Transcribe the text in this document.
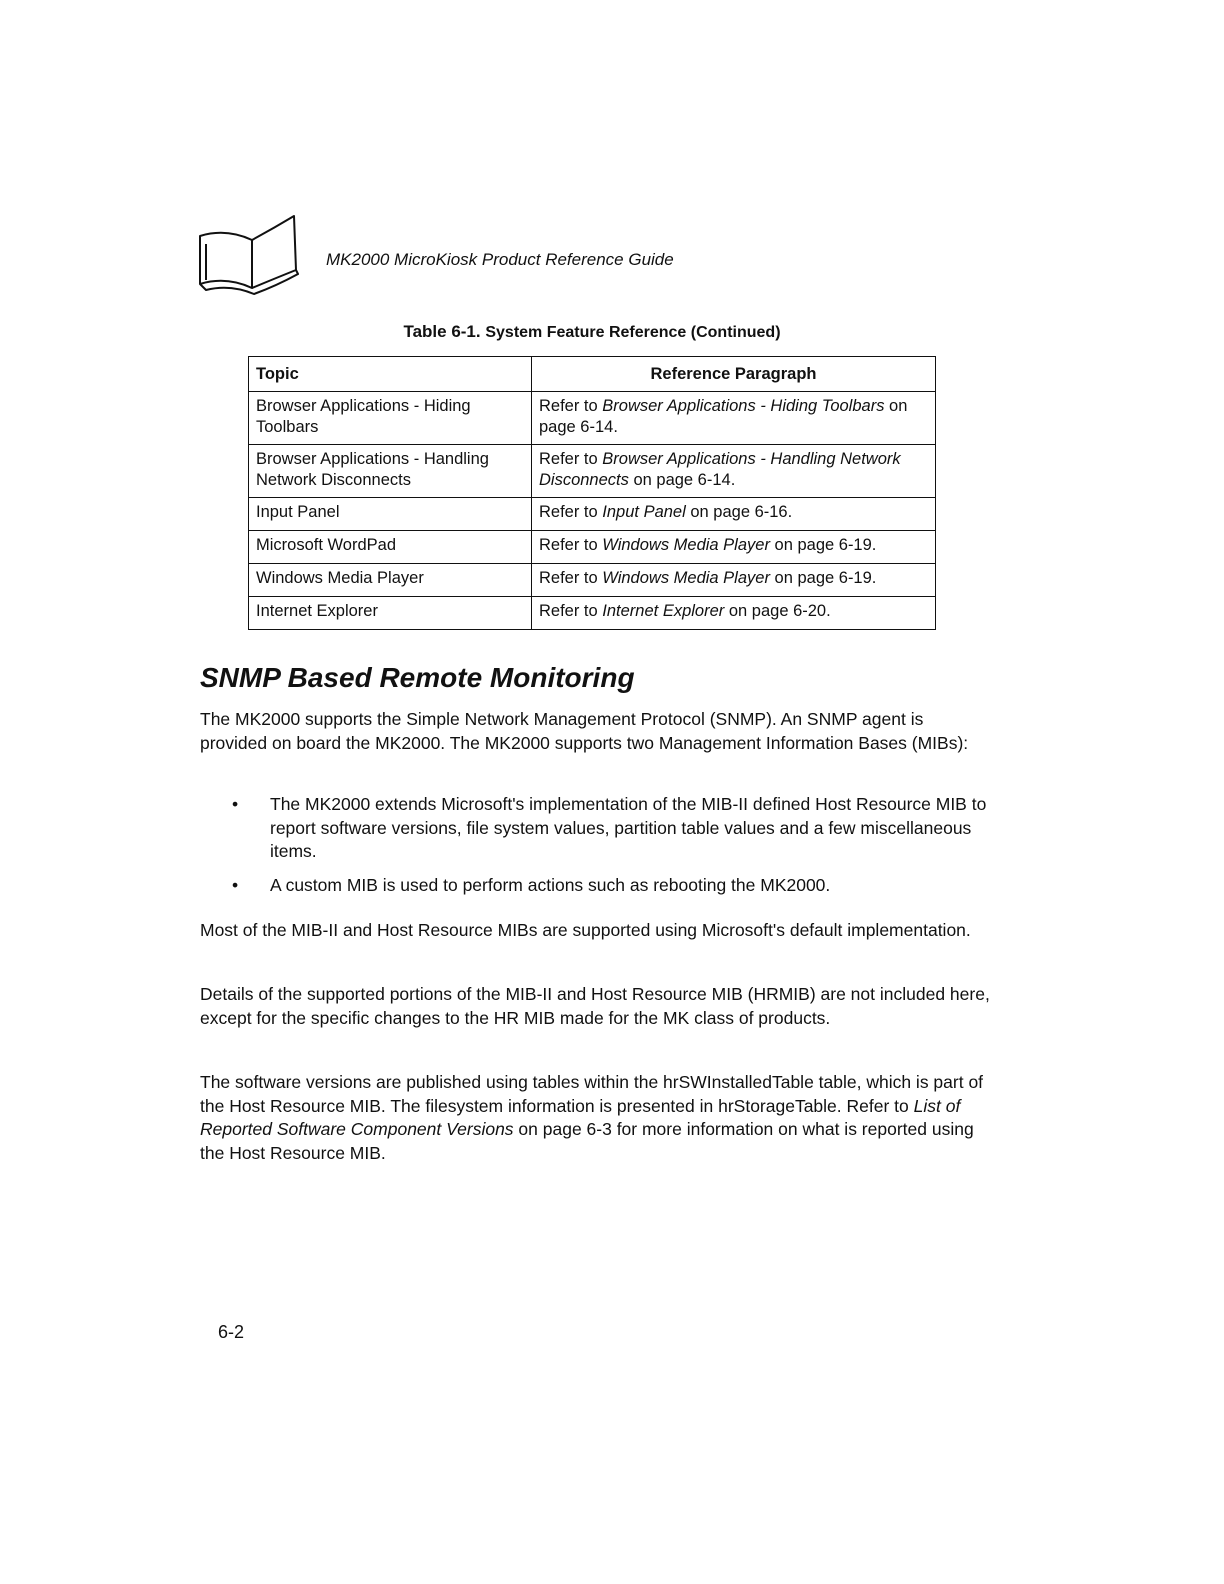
MK2000 MicroKiosk Product Reference Guide
Table 6-1. System Feature Reference (Continued)
Topic	Reference Paragraph
Browser Applications - Hiding Toolbars	Refer to Browser Applications - Hiding Toolbars on page 6-14.
Browser Applications - Handling Network Disconnects	Refer to Browser Applications - Handling Network Disconnects on page 6-14.
Input Panel	Refer to Input Panel on page 6-16.
Microsoft WordPad	Refer to Windows Media Player on page 6-19.
Windows Media Player	Refer to Windows Media Player on page 6-19.
Internet Explorer	Refer to Internet Explorer on page 6-20.
SNMP Based Remote Monitoring

The MK2000 supports the Simple Network Management Protocol (SNMP). An SNMP agent is provided on board the MK2000. The MK2000 supports two Management Information Bases (MIBs):

• The MK2000 extends Microsoft's implementation of the MIB-II defined Host Resource MIB to report software versions, file system values, partition table values and a few miscellaneous items.
• A custom MIB is used to perform actions such as rebooting the MK2000.

Most of the MIB-II and Host Resource MIBs are supported using Microsoft's default implementation.

Details of the supported portions of the MIB-II and Host Resource MIB (HRMIB) are not included here, except for the specific changes to the HR MIB made for the MK class of products.

The software versions are published using tables within the hrSWInstalledTable table, which is part of the Host Resource MIB. The filesystem information is presented in hrStorageTable. Refer to List of Reported Software Component Versions on page 6-3 for more information on what is reported using the Host Resource MIB.

6-2
